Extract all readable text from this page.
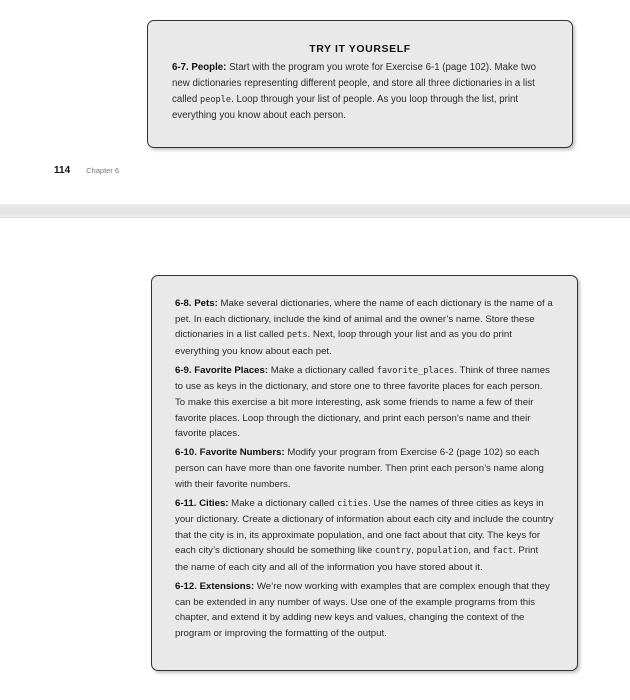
TRY IT YOURSELF

6-7. People: Start with the program you wrote for Exercise 6-1 (page 102). Make two new dictionaries representing different people, and store all three dictionaries in a list called people. Loop through your list of people. As you loop through the list, print everything you know about each person.

114 Chapter 6

6-8. Pets: Make several dictionaries, where the name of each dictionary is the name of a pet. In each dictionary, include the kind of animal and the owner’s name. Store these dictionaries in a list called pets. Next, loop through your list and as you do print everything you know about each pet.

6-9. Favorite Places: Make a dictionary called favorite_places. Think of three names to use as keys in the dictionary, and store one to three favorite places for each person. To make this exercise a bit more interesting, ask some friends to name a few of their favorite places. Loop through the dictionary, and print each person’s name and their favorite places.

6-10. Favorite Numbers: Modify your program from Exercise 6-2 (page 102) so each person can have more than one favorite number. Then print each person’s name along with their favorite numbers.

6-11. Cities: Make a dictionary called cities. Use the names of three cities as keys in your dictionary. Create a dictionary of information about each city and include the country that the city is in, its approximate population, and one fact about that city. The keys for each city’s dictionary should be something like country, population, and fact. Print the name of each city and all of the information you have stored about it.

6-12. Extensions: We’re now working with examples that are complex enough that they can be extended in any number of ways. Use one of the example programs from this chapter, and extend it by adding new keys and values, changing the context of the program or improving the formatting of the output.
